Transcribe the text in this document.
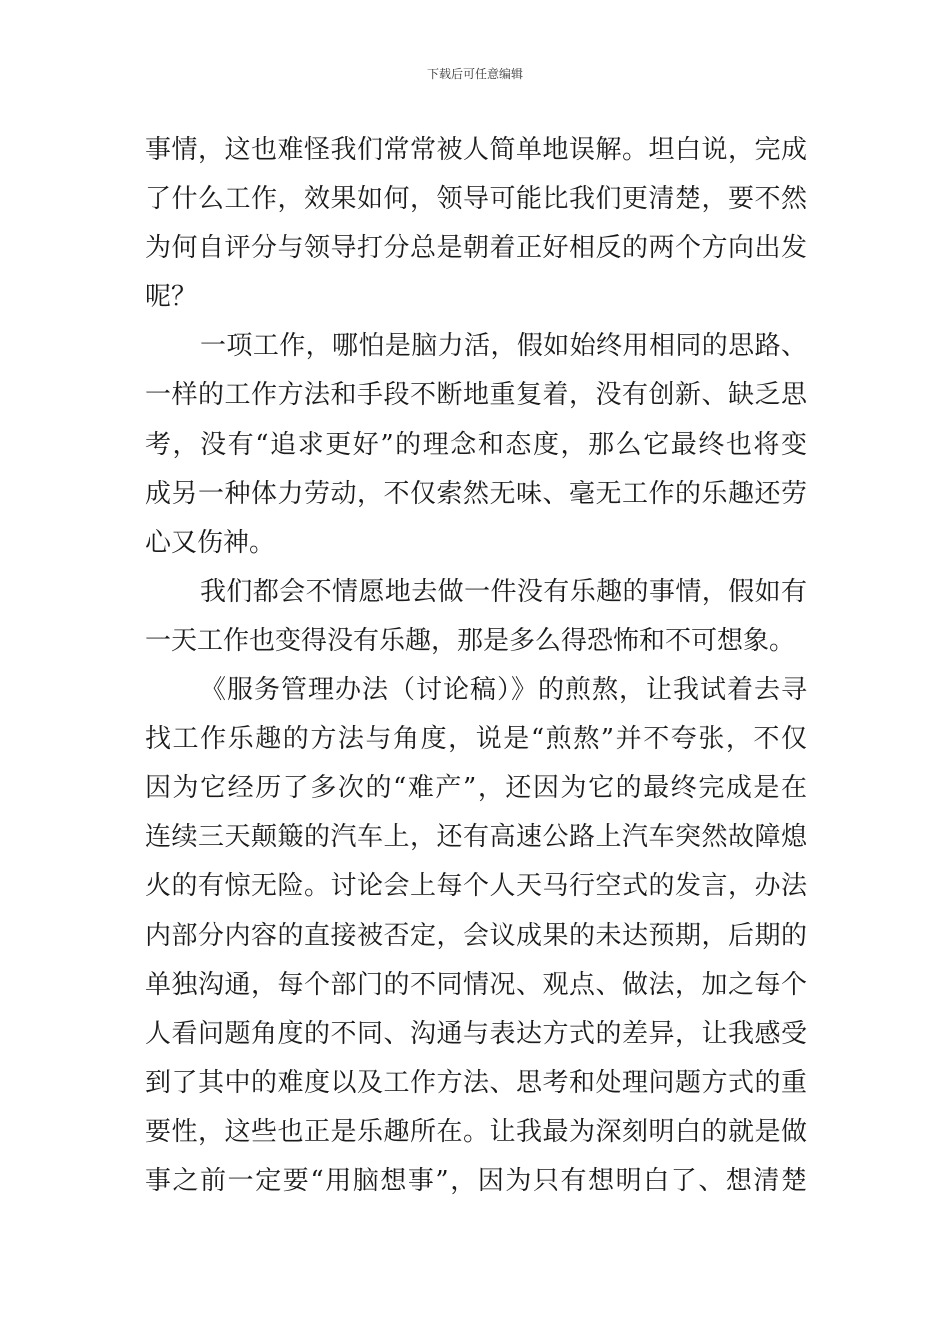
下载后可任意编辑
事情，这也难怪我们常常被人简单地误解。坦白说，完成
了什么工作，效果如何，领导可能比我们更清楚，要不然
为何自评分与领导打分总是朝着正好相反的两个方向出发
呢？
一项工作，哪怕是脑力活，假如始终用相同的思路、
一样的工作方法和手段不断地重复着，没有创新、缺乏思
考，没有“追求更好”的理念和态度，那么它最终也将变
成另一种体力劳动，不仅索然无味、毫无工作的乐趣还劳
心又伤神。
我们都会不情愿地去做一件没有乐趣的事情，假如有
一天工作也变得没有乐趣，那是多么得恐怖和不可想象。
《服务管理办法（讨论稿）》的煎熬，让我试着去寻
找工作乐趣的方法与角度，说是“煎熬”并不夸张，不仅
因为它经历了多次的“难产”，还因为它的最终完成是在
连续三天颠簸的汽车上，还有高速公路上汽车突然故障熄
火的有惊无险。讨论会上每个人天马行空式的发言，办法
内部分内容的直接被否定，会议成果的未达预期，后期的
单独沟通，每个部门的不同情况、观点、做法，加之每个
人看问题角度的不同、沟通与表达方式的差异，让我感受
到了其中的难度以及工作方法、思考和处理问题方式的重
要性，这些也正是乐趣所在。让我最为深刻明白的就是做
事之前一定要“用脑想事”，因为只有想明白了、想清楚
